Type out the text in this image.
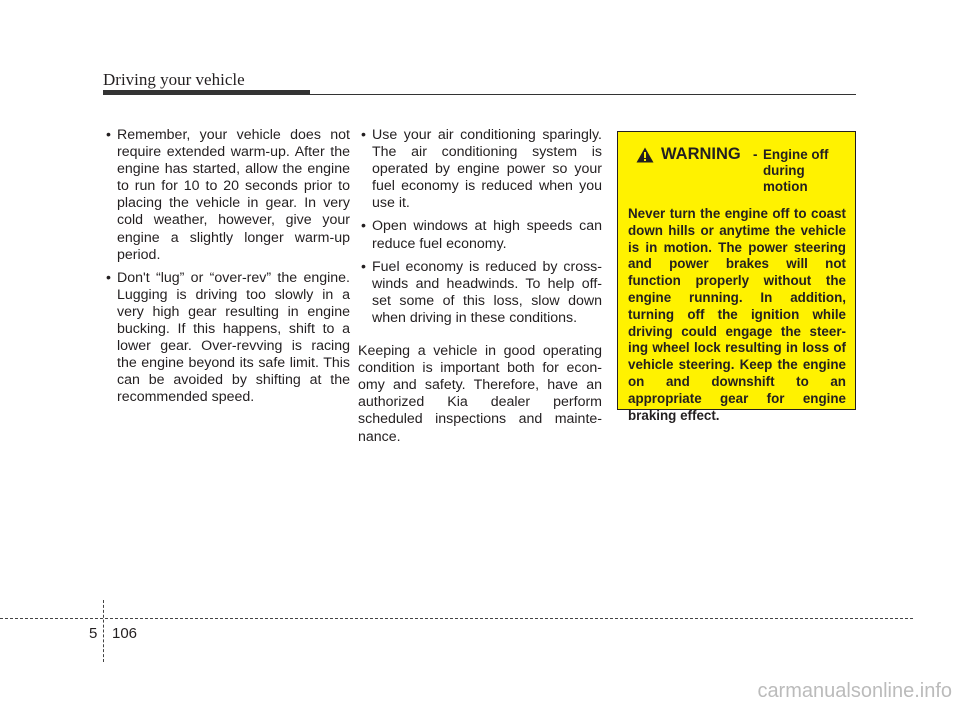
Driving your vehicle
• Remember, your vehicle does not require extended warm-up. After the engine has started, allow the engine to run for 10 to 20 seconds prior to placing the vehicle in gear. In very cold weather, however, give your engine a slightly longer warm-up period.
• Don't “lug” or “over-rev” the engine. Lugging is driving too slowly in a very high gear resulting in engine bucking. If this happens, shift to a lower gear. Over-revving is racing the engine beyond its safe limit. This can be avoided by shifting at the recommended speed.
• Use your air conditioning sparingly. The air conditioning system is operated by engine power so your fuel economy is reduced when you use it.
• Open windows at high speeds can reduce fuel economy.
• Fuel economy is reduced by cross-winds and headwinds. To help off-set some of this loss, slow down when driving in these conditions.
Keeping a vehicle in good operating condition is important both for econ-omy and safety. Therefore, have an authorized Kia dealer perform scheduled inspections and mainte-nance.
WARNING - Engine off during motion
Never turn the engine off to coast down hills or anytime the vehicle is in motion. The power steering and power brakes will not function properly without the engine running. In addition, turning off the ignition while driving could engage the steer-ing wheel lock resulting in loss of vehicle steering. Keep the engine on and downshift to an appropriate gear for engine braking effect.
5 106
carmanualsonline.info
